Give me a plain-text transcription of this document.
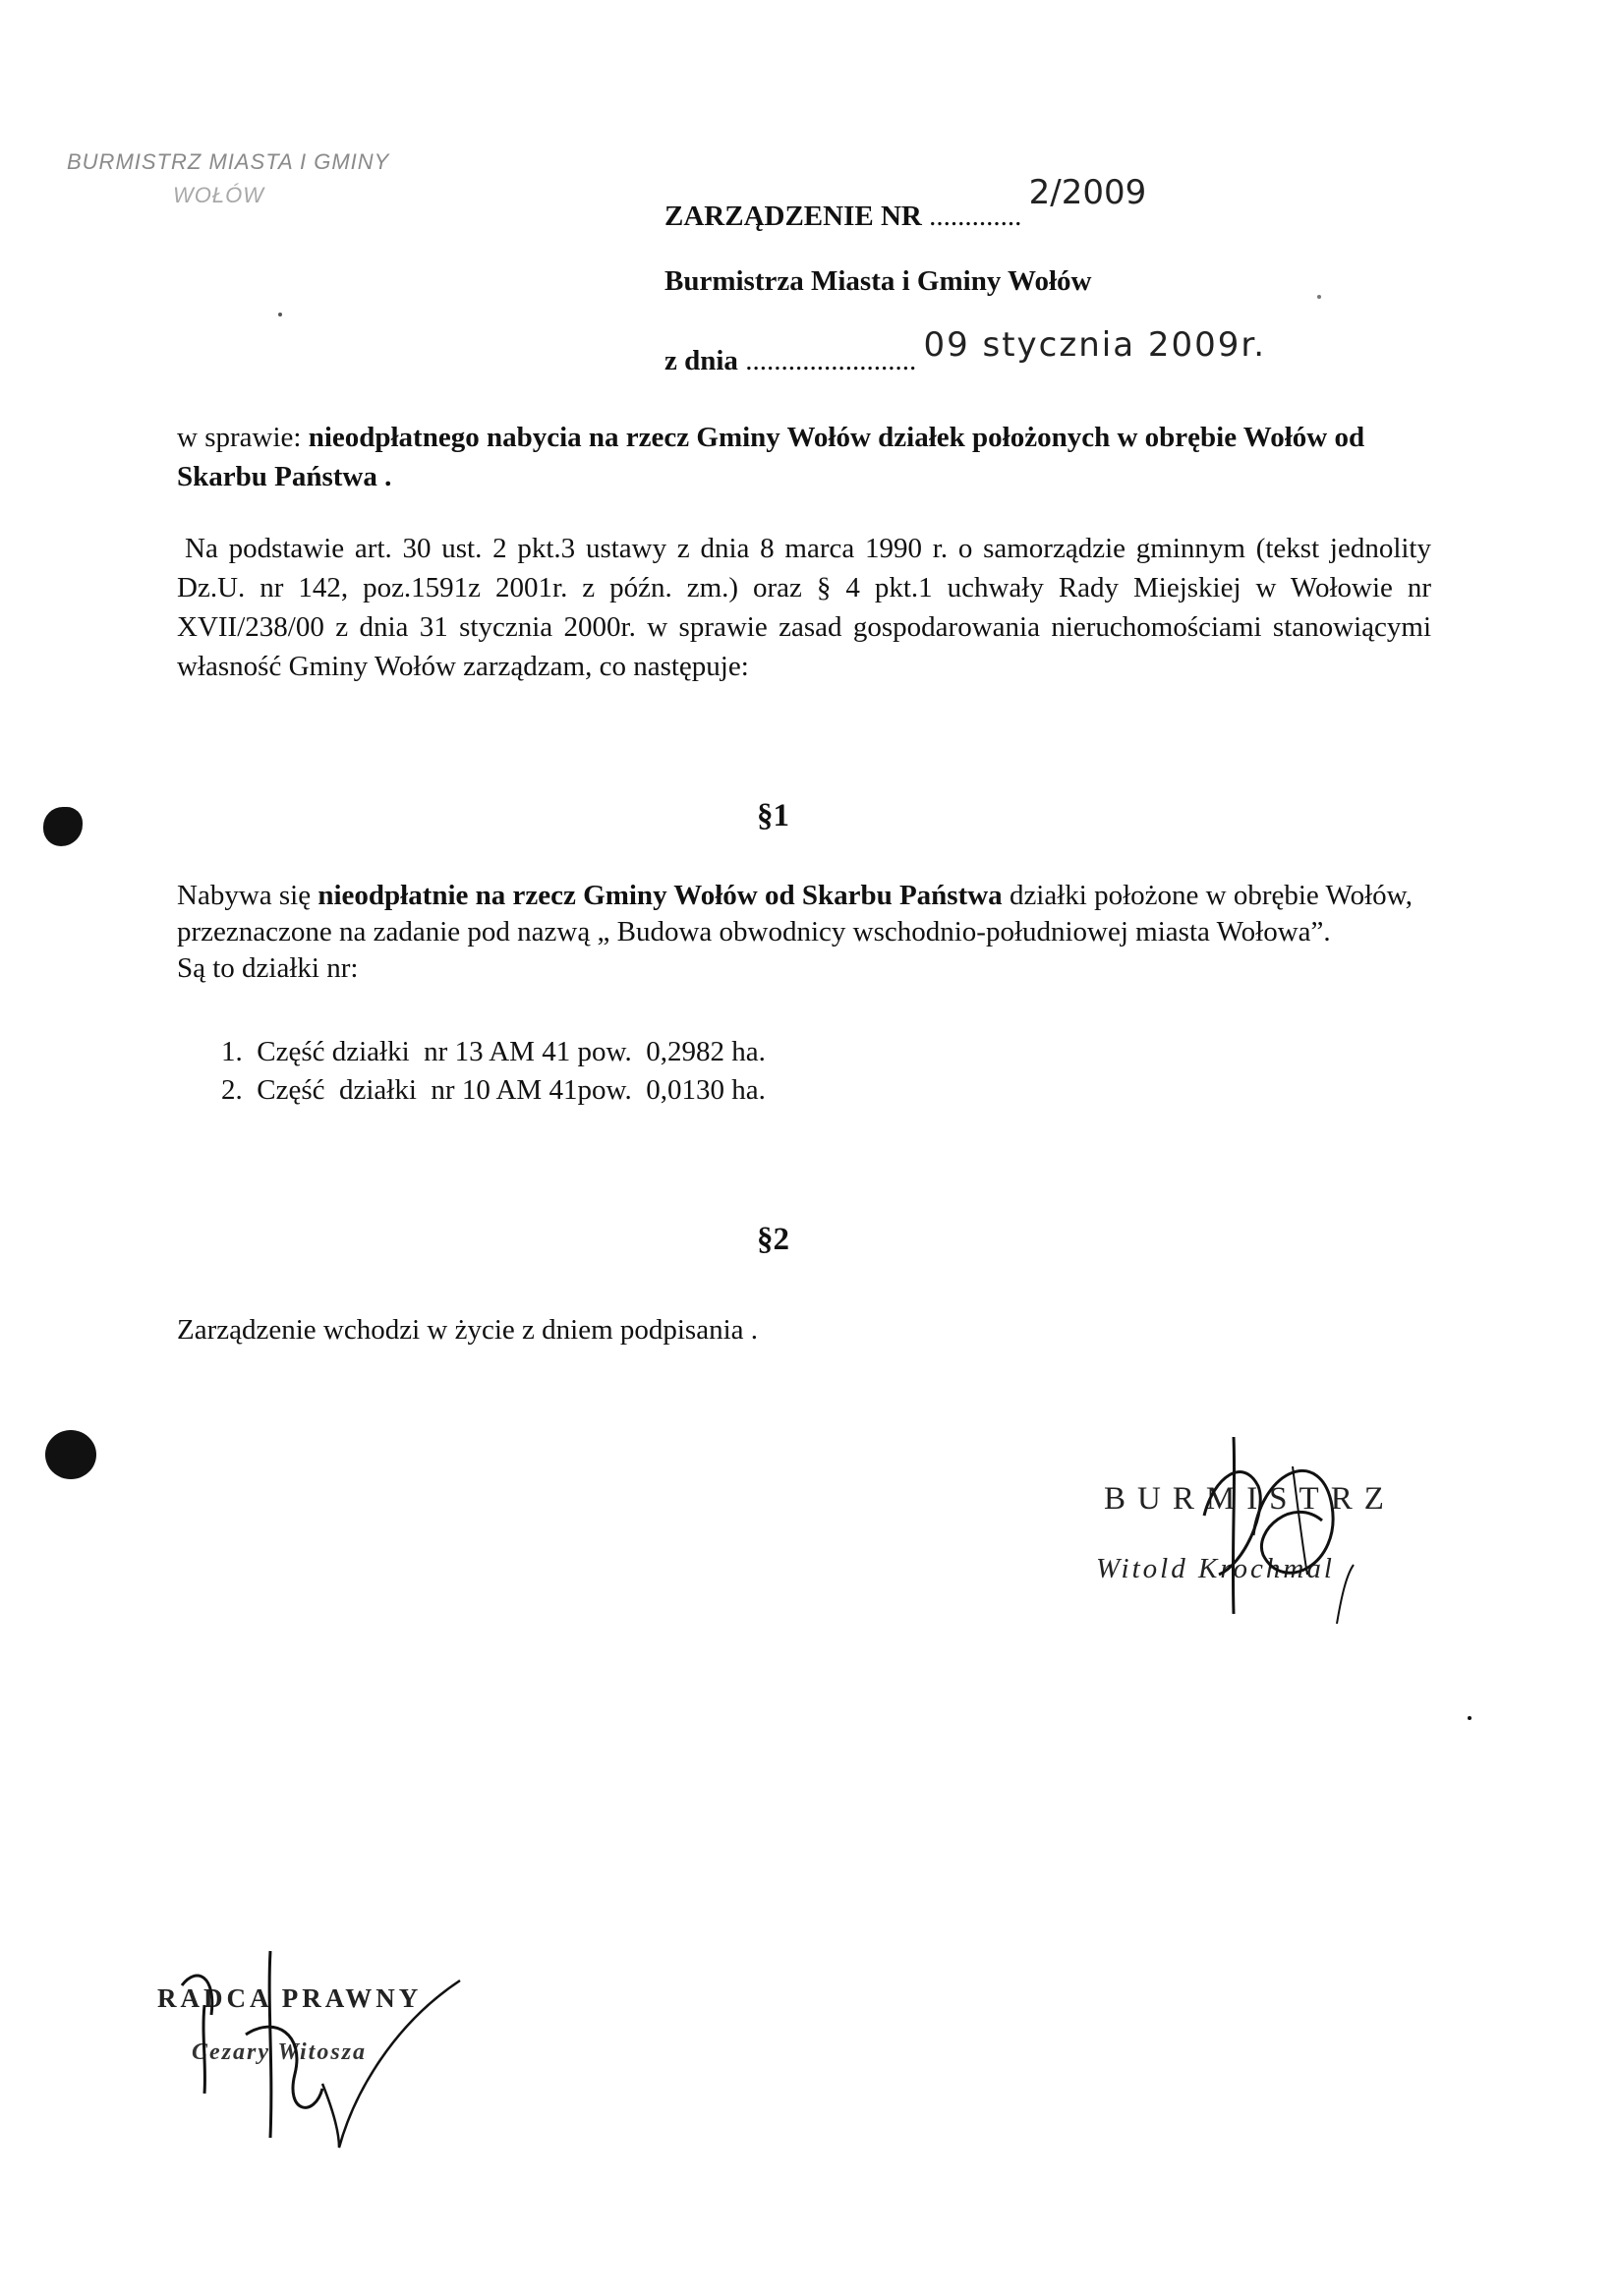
BURMISTRZ MIASTA I GMINY
WOŁÓW
ZARZĄDZENIE NR ............. 2/2009
Burmistrza Miasta i Gminy Wołów
z dnia ........................ 09 stycznia 2009r.
w sprawie: nieodpłatnego nabycia na rzecz Gminy Wołów działek położonych w obrębie Wołów od Skarbu Państwa .
Na podstawie art. 30 ust. 2 pkt.3 ustawy z dnia 8 marca 1990 r. o samorządzie gminnym (tekst jednolity Dz.U. nr 142, poz.1591z 2001r. z późn. zm.) oraz § 4 pkt.1 uchwały Rady Miejskiej w Wołowie nr XVII/238/00 z dnia 31 stycznia 2000r. w sprawie zasad gospodarowania nieruchomościami stanowiącymi własność Gminy Wołów zarządzam, co następuje:
§1
Nabywa się nieodpłatnie na rzecz Gminy Wołów od Skarbu Państwa działki położone w obrębie Wołów, przeznaczone na zadanie pod nazwą „ Budowa obwodnicy wschodnio-południowej miasta Wołowa”.
Są to działki nr:
1.  Część działki  nr 13 AM 41 pow.  0,2982 ha.
2.  Część  działki  nr 10 AM 41pow.  0,0130 ha.
§2
Zarządzenie wchodzi w życie z dniem podpisania .
BURMISTRZ
Witold Krochmal
RADCA PRAWNY
Cezary Witosza
